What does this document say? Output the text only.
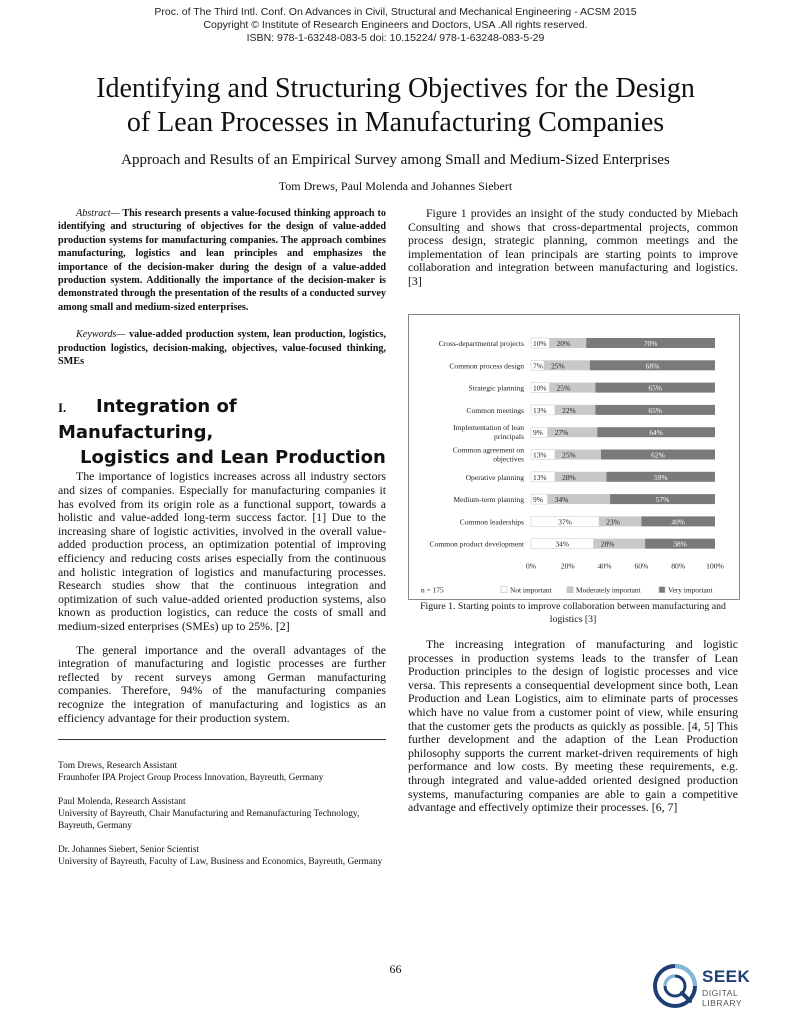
Proc. of The Third Intl. Conf. On Advances in Civil, Structural and Mechanical Engineering - ACSM 2015
Copyright © Institute of Research Engineers and Doctors, USA .All rights reserved.
ISBN: 978-1-63248-083-5 doi: 10.15224/ 978-1-63248-083-5-29
Identifying and Structuring Objectives for the Design
of Lean Processes in Manufacturing Companies
Approach and Results of an Empirical Survey among Small and Medium-Sized Enterprises
Tom Drews, Paul Molenda and Johannes Siebert

Abstract— This research presents a value-focused thinking approach to identifying and structuring of objectives for the design of value-added production systems for manufacturing companies. The approach combines manufacturing, logistics and lean principles and emphasizes the importance of the decision-maker during the design of a value-added production system. Additionally the importance of the decision-maker is demonstrated through the presentation of the results of a conducted survey among small and medium-sized enterprises.

Keywords— value-added production system, lean production, logistics, production logistics, decision-making, objectives, value-focused thinking, SMEs

I. Integration of Manufacturing,
Logistics and Lean Production

The importance of logistics increases across all industry sectors and sizes of companies. Especially for manufacturing companies it has evolved from its origin role as a functional support, towards a holistic and value-added long-term success factor. [1] Due to the increasing share of logistic activities, involved in the overall value-added production process, an optimization potential of improving efficiency and reducing costs arises especially from the continuous and holistic integration of logistics and manufacturing processes. Research studies show that the continuous integration and optimization of such value-added oriented production systems, also known as production logistics, can reduce the costs of small and medium-sized enterprises (SMEs) up to 25%. [2]

The general importance and the overall advantages of the integration of manufacturing and logistic processes are further reflected by recent surveys among German manufacturing companies. Therefore, 94% of the manufacturing companies recognize the integration of manufacturing and logistics as an efficiency advantage for their production system.

Tom Drews, Research Assistant
Fraunhofer IPA Project Group Process Innovation, Bayreuth, Germany
Paul Molenda, Research Assistant
University of Bayreuth, Chair Manufacturing and Remanufacturing Technology, Bayreuth, Germany
Dr. Johannes Siebert, Senior Scientist
University of Bayreuth, Faculty of Law, Business and Economics, Bayreuth, Germany

Figure 1 provides an insight of the study conducted by Miebach Consulting and shows that cross-departmental projects, common process design, strategic planning, common meetings and the implementation of lean principals are starting points to improve collaboration and integration between manufacturing and logistics. [3]

Cross-departmental projects 10% 20%	70%
Common process design 7% 25%	68%
Strategic planning 10% 25%	65%
Common meetings 13% 22%	65%
Implementation of lean principals 9% 27%	64%
Common agreement on objectives 13% 25%	62%
Operative planning 13% 28%	59%
Medium-term planning 9% 34%	57%
Common leaderships	37%	23%	40%
Common product development	34%	28%	38%
0%	20%	40%	60%	80%	100%
n = 175	Not important	Moderately important	Very important
Figure 1. Starting points to improve collaboration between manufacturing and logistics [3]

The increasing integration of manufacturing and logistic processes in production systems leads to the transfer of Lean Production principles to the design of logistic processes and vice versa. This represents a consequential development since both, Lean Production and Lean Logistics, aim to eliminate parts of processes which have no value from a customer point of view, while ensuring that the customer gets the products as quickly as possible. [4, 5] This further development and the adaption of the Lean Production philosophy supports the current market-driven requirements of high performance and low costs. By meeting these requirements, e.g. through integrated and value-added oriented designed production systems, manufacturing companies are able to gain a competitive advantage and effectively optimize their processes. [6, 7]

66	SEEK
DIGITAL LIBRARY
